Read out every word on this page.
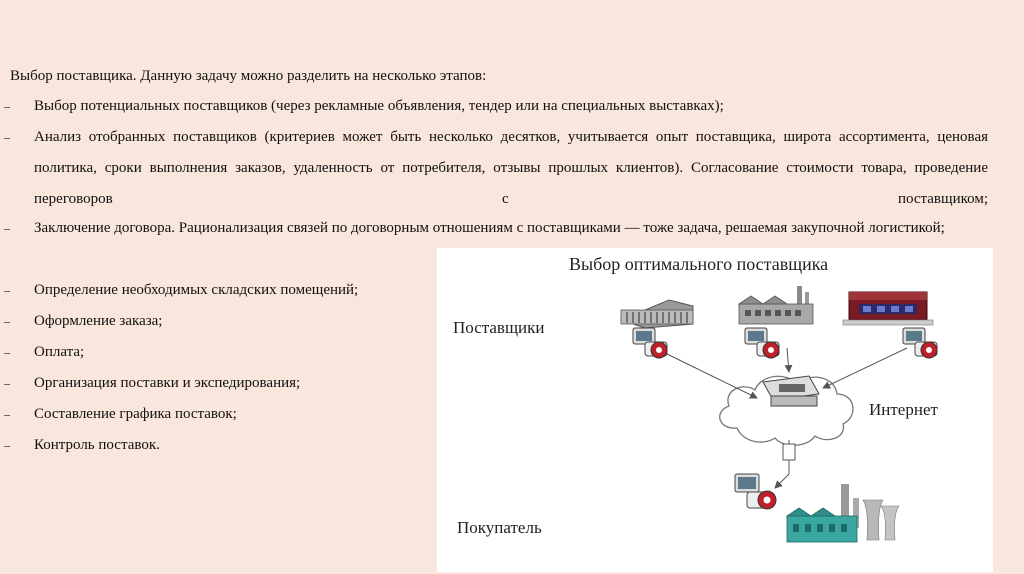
Выбор поставщика. Данную задачу можно разделить на несколько этапов:
–	Выбор потенциальных поставщиков (через рекламные объявления, тендер или на специальных выставках);
–	Анализ отобранных поставщиков (критериев может быть несколько десятков, учитывается опыт поставщика, широта ассортимента, ценовая политика, сроки выполнения заказов, удаленность от потребителя, отзывы прошлых клиентов). Согласование стоимости товара, проведение переговоров с поставщиком;
–	Заключение договора. Рационализация связей по договорным отношениям с поставщиками — тоже задача, решаемая закупочной логистикой;
–	Определение необходимых складских помещений;
–	Оформление заказа;
–	Оплата;
–	Организация поставки и экспедирования;
–	Составление графика поставок;
–	Контроль поставок.
Выбор оптимального поставщика
Поставщики
Интернет
Покупатель
